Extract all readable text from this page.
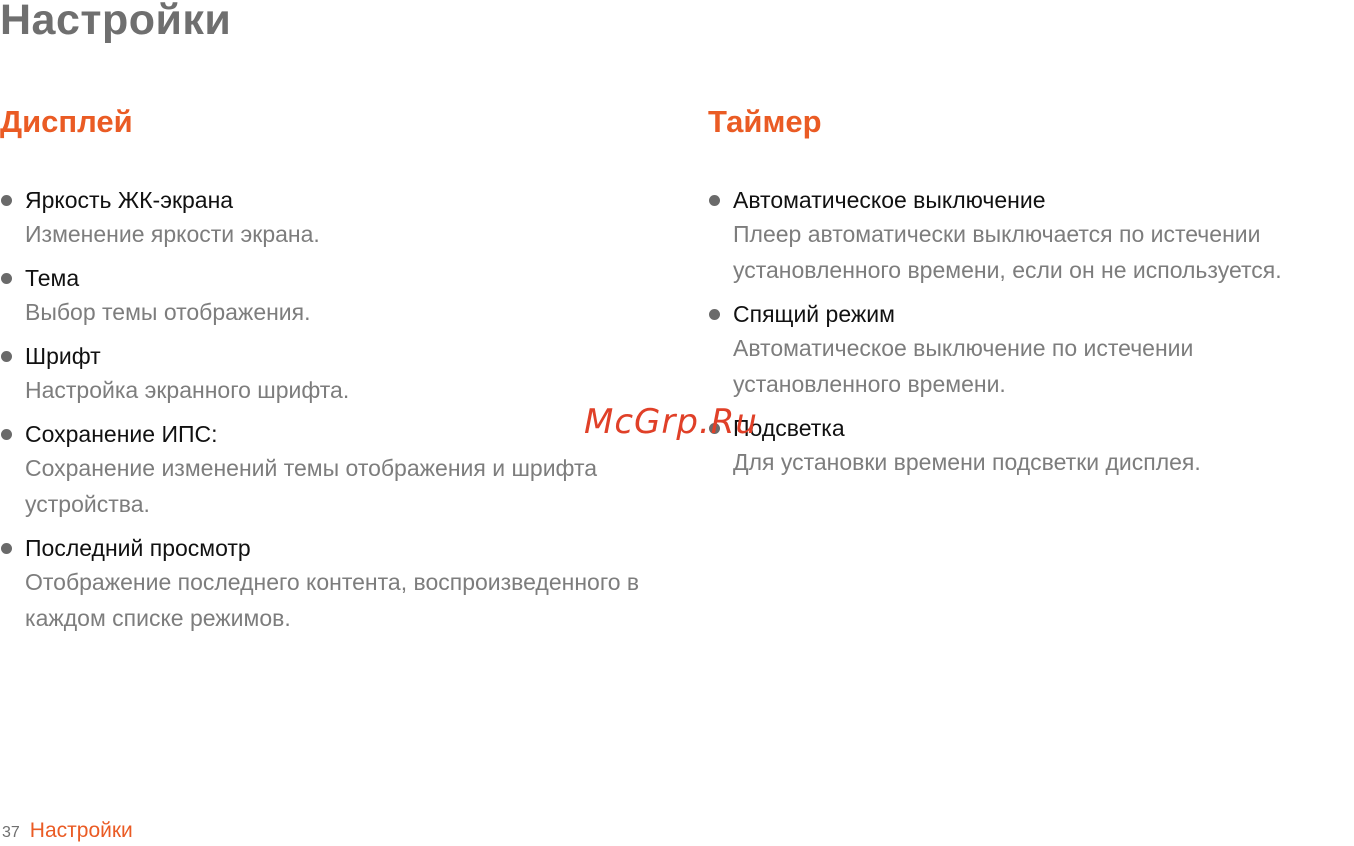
Настройки
Дисплей
Яркость ЖК-экрана
Изменение яркости экрана.
Тема
Выбор темы отображения.
Шрифт
Настройка экранного шрифта.
Сохранение ИПС:
Сохранение изменений темы отображения и шрифта устройства.
Последний просмотр
Отображение последнего контента, воспроизведенного в каждом списке режимов.
Таймер
Автоматическое выключение
Плеер автоматически выключается по истечении установленного времени, если он не используется.
Спящий режим
Автоматическое выключение по истечении установленного времени.
Подсветка
Для установки времени подсветки дисплея.
McGrp.Ru
37 Настройки
